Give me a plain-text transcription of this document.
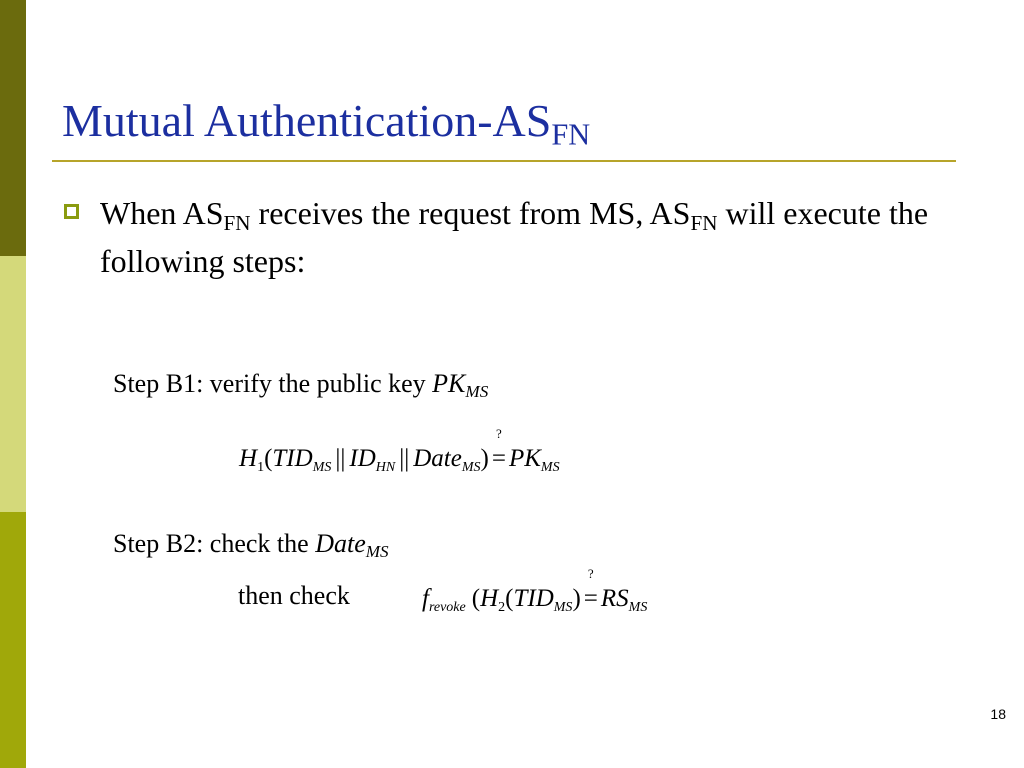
Mutual Authentication-$AS_{FN}$
When $AS_{FN}$ receives the request from MS, $AS_{FN}$ will execute the following steps:
Step B1: verify the public key $PK_{MS}$
$H_1(TID_{MS}$ || $ID_{HN}$ || Date$_{MS}$)
?
= $PK_{MS}$
Step B2: check the Date$_{MS}$
then check	$f_{revoke}$ ($H_2(TID_{MS})$
?
= $RS_{MS}$
18
